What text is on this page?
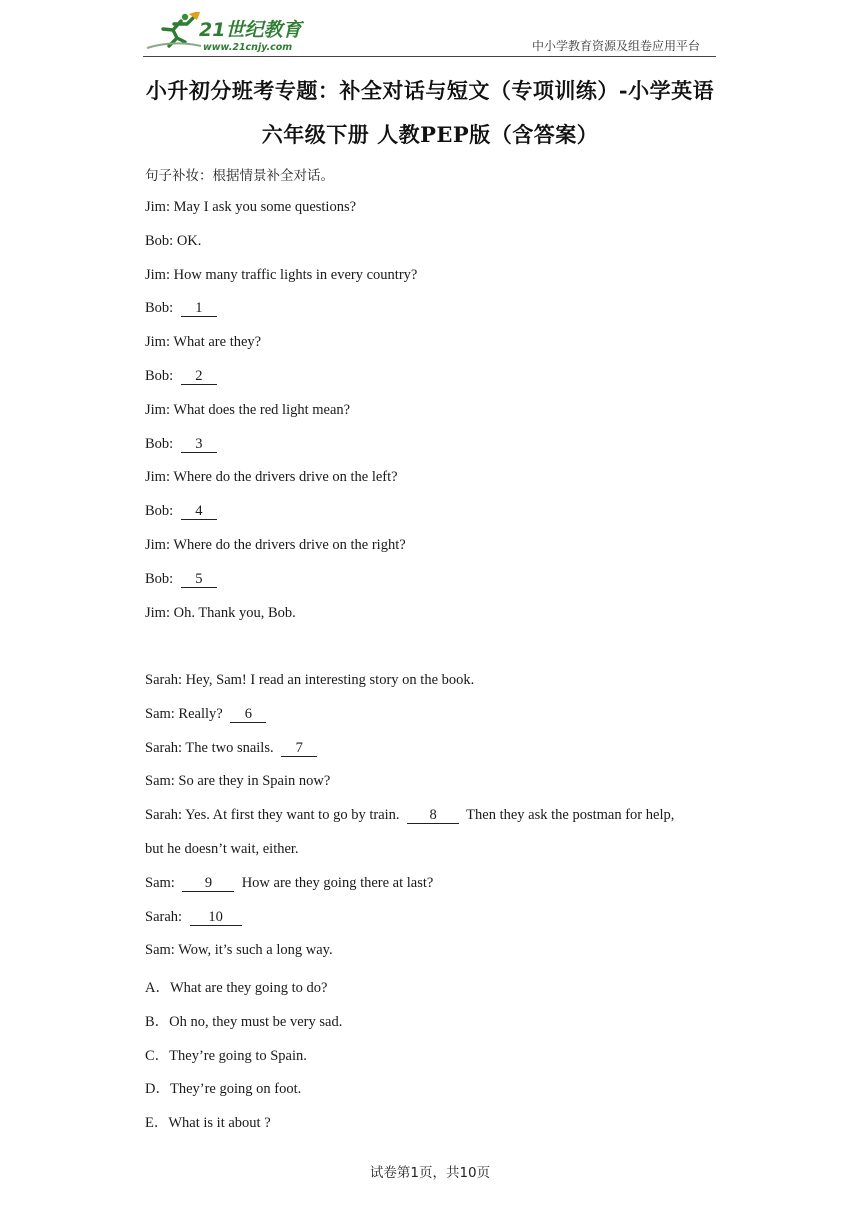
21世纪教育
www.21cnjy.com	中小学教育资源及组卷应用平台
小升初分班考专题：补全对话与短文（专项训练）-小学英语
六年级下册 人教PEP版（含答案）
句子补妆：根据情景补全对话。
Jim: May I ask you some questions?
Bob: OK.
Jim: How many traffic lights in every country?
Bob: 1
Jim: What are they?
Bob: 2
Jim: What does the red light mean?
Bob: 3
Jim: Where do the drivers drive on the left?
Bob: 4
Jim: Where do the drivers drive on the right?
Bob: 5
Jim: Oh. Thank you, Bob.
Sarah: Hey, Sam! I read an interesting story on the book.
Sam: Really? 6
Sarah: The two snails. 7
Sam: So are they in Spain now?
Sarah: Yes. At first they want to go by train. 8  Then they ask the postman for help,
but he doesn’t wait, either.
Sam: 9  How are they going there at last?
Sarah: 10
Sam: Wow, it’s such a long way.
A．What are they going to do?
B．Oh no, they must be very sad.
C．They’re going to Spain.
D．They’re going on foot.
E．What is it about ?
试卷第1页，共10页
